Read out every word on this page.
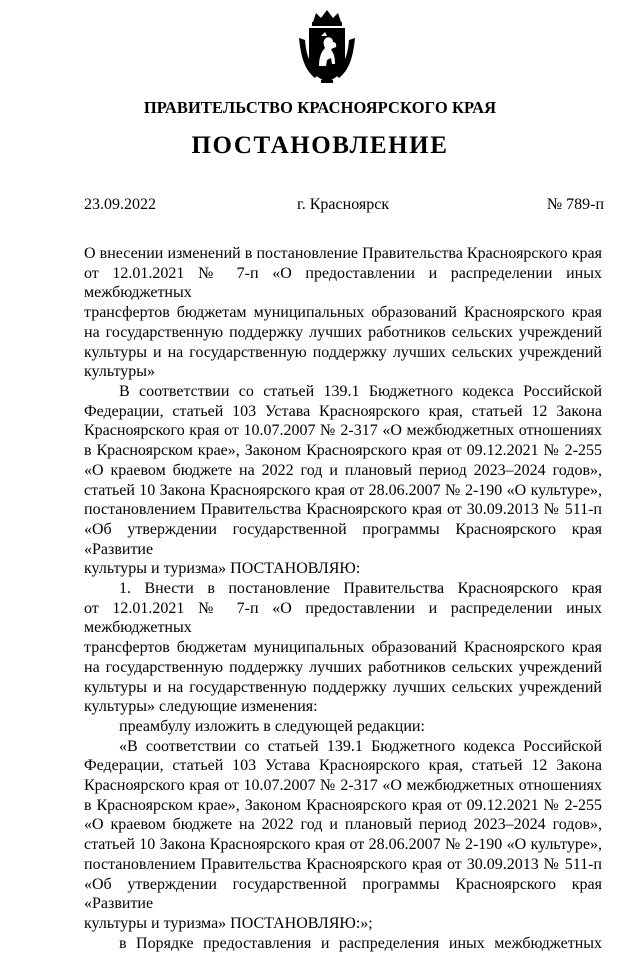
ПРАВИТЕЛЬСТВО КРАСНОЯРСКОГО КРАЯ
ПОСТАНОВЛЕНИЕ
23.09.2022	г. Красноярск	№ 789-п

О внесении изменений в постановление Правительства Красноярского края

от 12.01.2021 № 7-п «О предоставлении и распределении иных межбюджетных

трансфертов бюджетам муниципальных образований Красноярского края

на государственную поддержку лучших работников сельских учреждений

культуры и на государственную поддержку лучших сельских учреждений

культуры»

В соответствии со статьей 139.1 Бюджетного кодекса Российской

Федерации, статьей 103 Устава Красноярского края, статьей 12 Закона

Красноярского края от 10.07.2007 № 2-317 «О межбюджетных отношениях

в Красноярском крае», Законом Красноярского края от 09.12.2021 № 2-255

«О краевом бюджете на 2022 год и плановый период 2023–2024 годов»,

статьей 10 Закона Красноярского края от 28.06.2007 № 2-190 «О культуре»,

постановлением Правительства Красноярского края от 30.09.2013 № 511-п

«Об утверждении государственной программы Красноярского края «Развитие

культуры и туризма» ПОСТАНОВЛЯЮ:

1. Внести в постановление Правительства Красноярского края

от 12.01.2021 № 7-п «О предоставлении и распределении иных межбюджетных

трансфертов бюджетам муниципальных образований Красноярского края

на государственную поддержку лучших работников сельских учреждений

культуры и на государственную поддержку лучших сельских учреждений

культуры» следующие изменения:

преамбулу изложить в следующей редакции:

«В соответствии со статьей 139.1 Бюджетного кодекса Российской

Федерации, статьей 103 Устава Красноярского края, статьей 12 Закона

Красноярского края от 10.07.2007 № 2-317 «О межбюджетных отношениях

в Красноярском крае», Законом Красноярского края от 09.12.2021 № 2-255

«О краевом бюджете на 2022 год и плановый период 2023–2024 годов»,

статьей 10 Закона Красноярского края от 28.06.2007 № 2-190 «О культуре»,

постановлением Правительства Красноярского края от 30.09.2013 № 511-п

«Об утверждении государственной программы Красноярского края «Развитие

культуры и туризма» ПОСТАНОВЛЯЮ:»;

в Порядке предоставления и распределения иных межбюджетных
